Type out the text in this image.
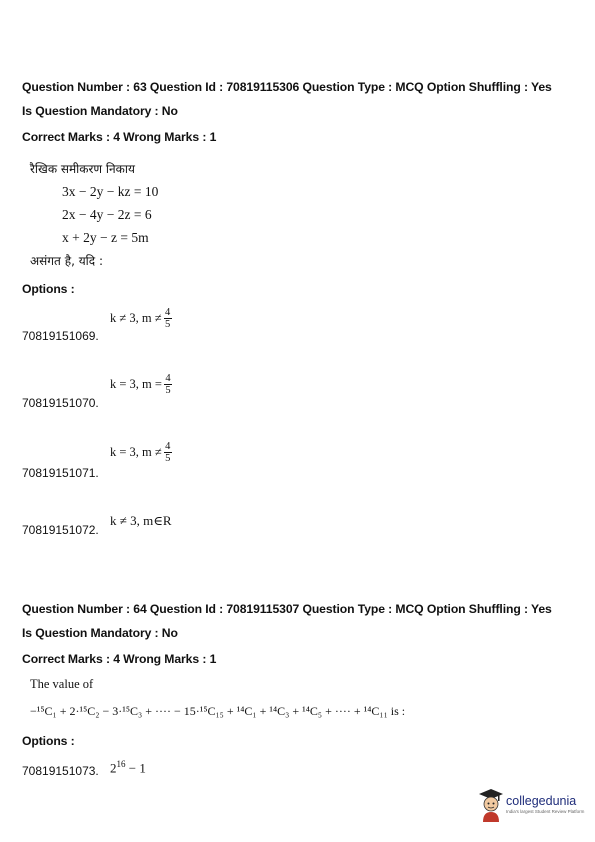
Question Number : 63 Question Id : 70819115306 Question Type : MCQ Option Shuffling : Yes
Is Question Mandatory : No
Correct Marks : 4 Wrong Marks : 1
रैखिक समीकरण निकाय
3x − 2y − kz = 10
2x − 4y − 2z = 6
x + 2y − z = 5m
असंगत है, यदि :
Options :
k ≠ 3, $m \ne \frac{4}{5}$
70819151069.
k = 3, $m = \frac{4}{5}$
70819151070.
k = 3, $m \ne \frac{4}{5}$
70819151071.
k ≠ 3, m∈R
70819151072.
Question Number : 64 Question Id : 70819115307 Question Type : MCQ Option Shuffling : Yes
Is Question Mandatory : No
Correct Marks : 4 Wrong Marks : 1
The value of
−¹⁵C₁ + 2·¹⁵C₂ − 3·¹⁵C₃ + ···· − 15·¹⁵C₁₅ + ¹⁴C₁ + ¹⁴C₃ + ¹⁴C₅ + ···· + ¹⁴C₁₁ is :
Options :
70819151073. $2^{16} - 1$
collegedunia
India's largest Student Review Platform
